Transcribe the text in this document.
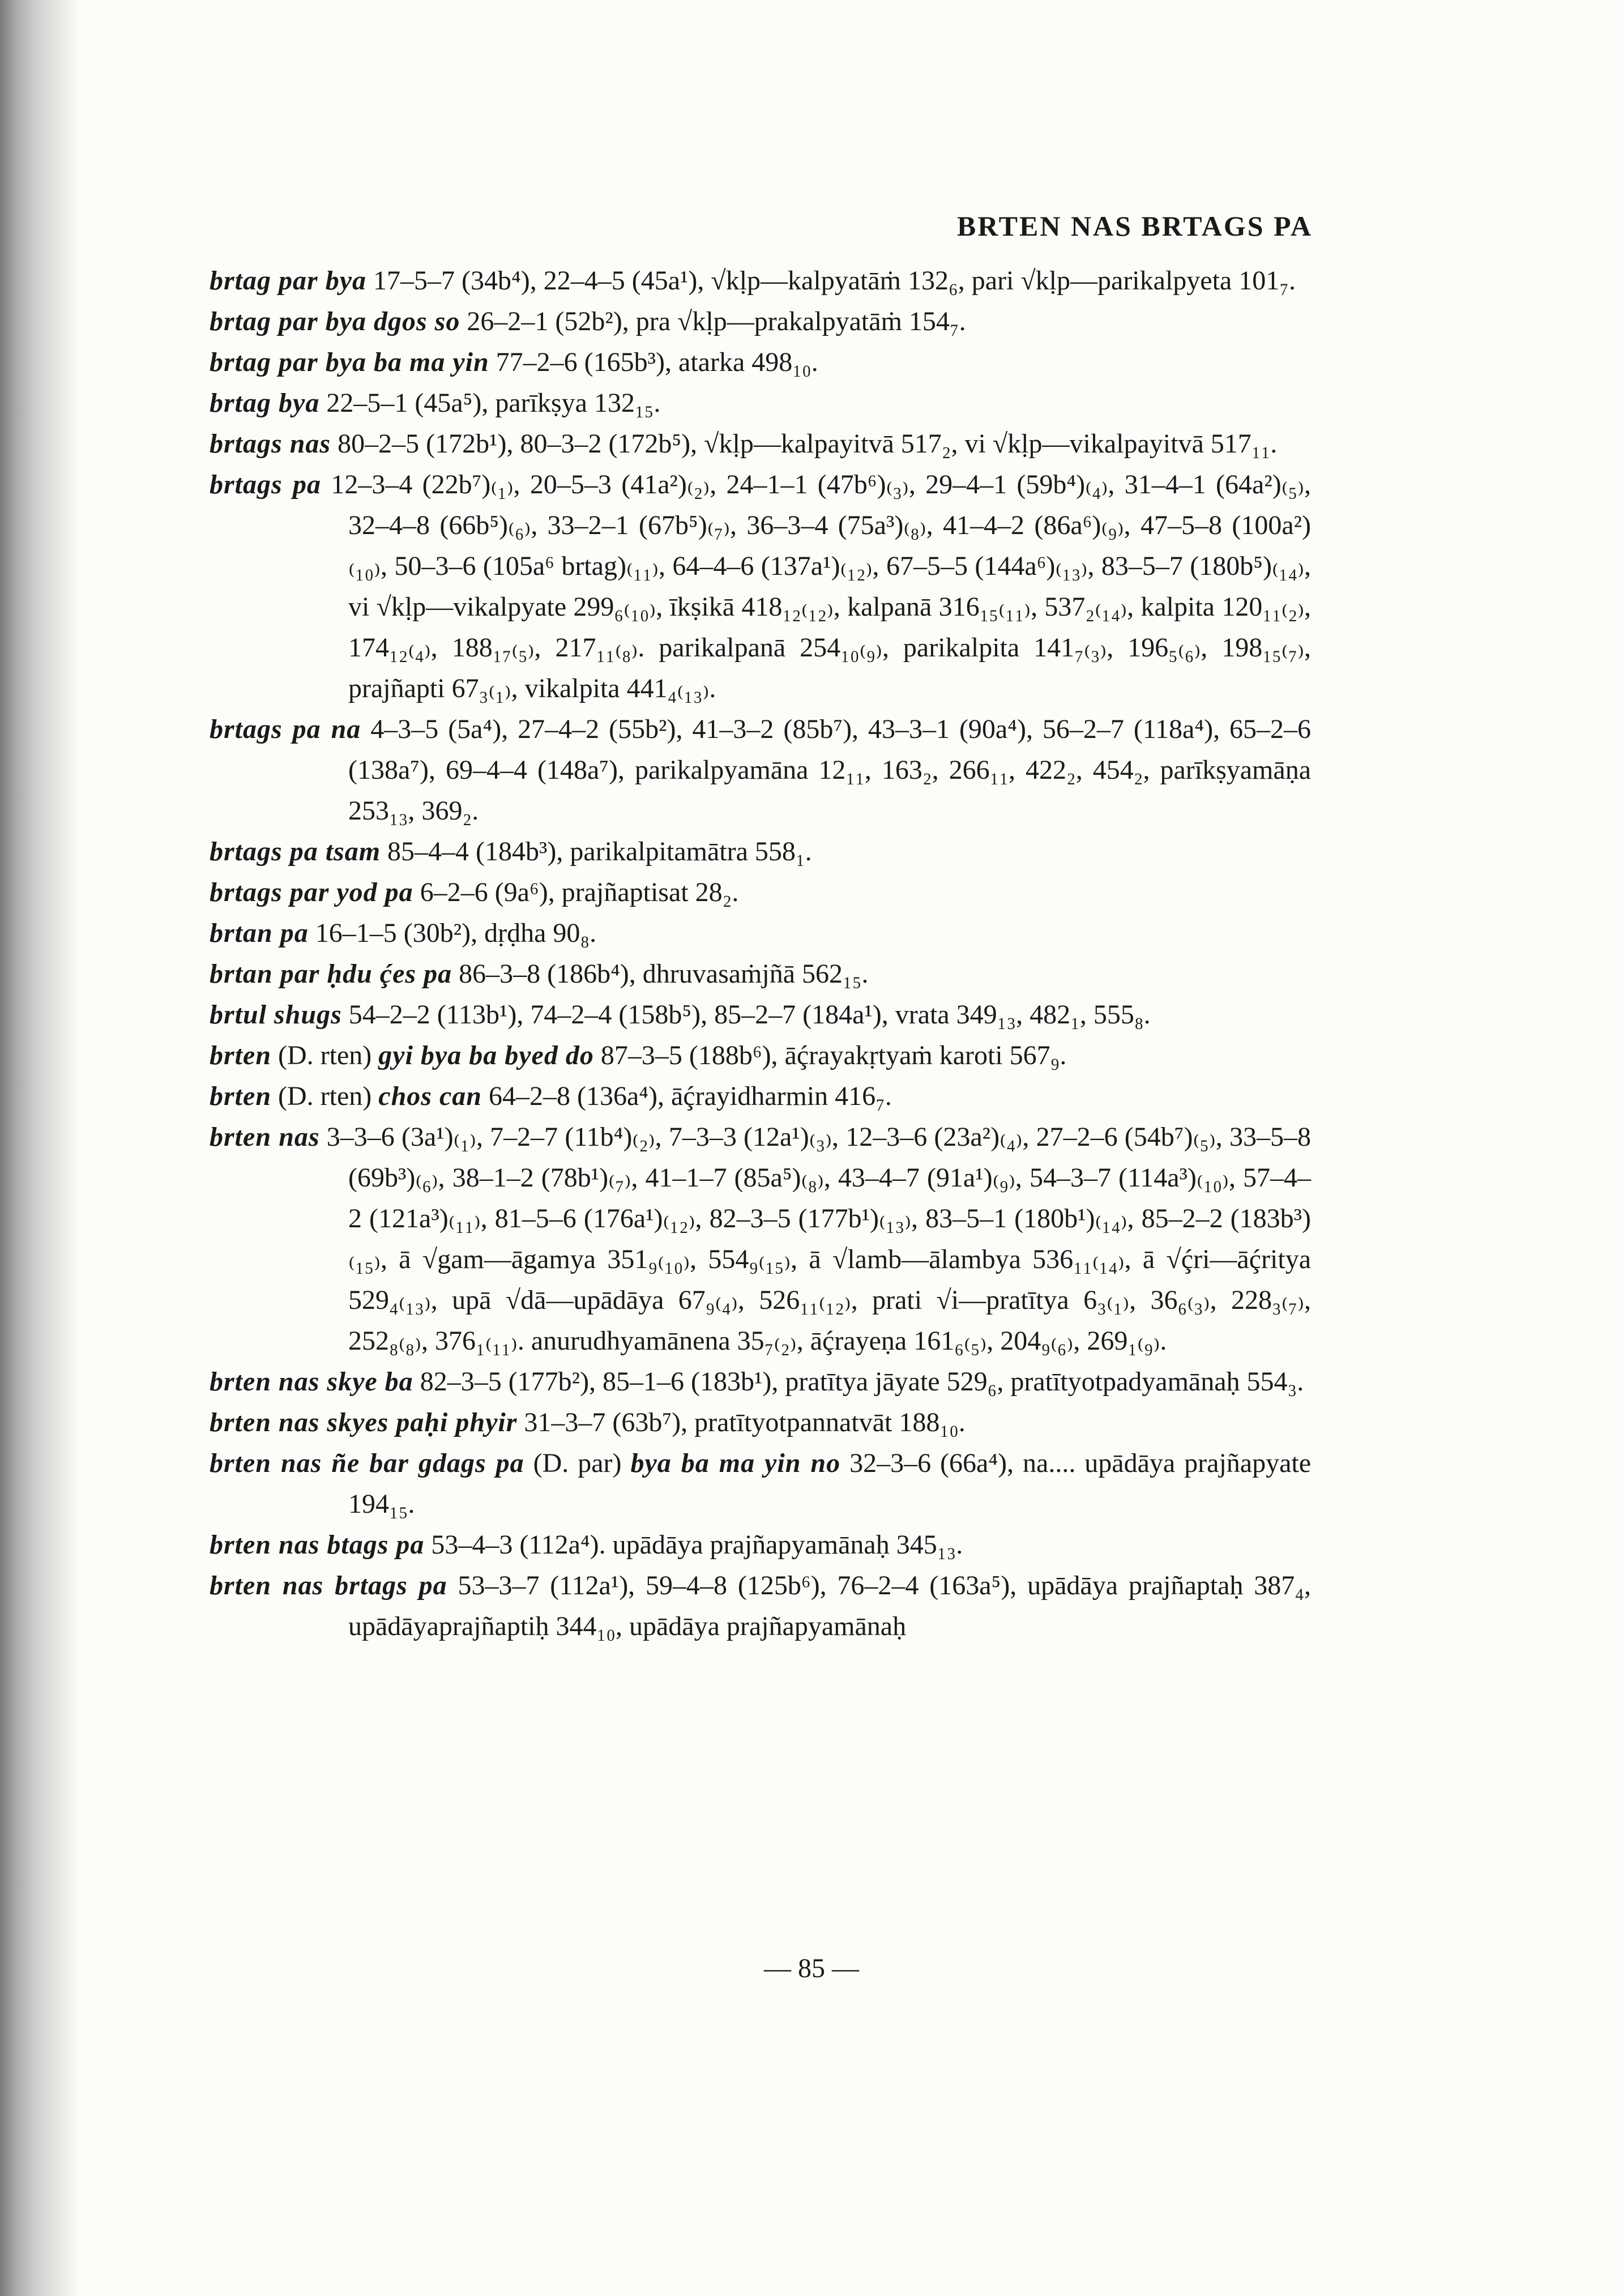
BRTEN NAS BRTAGS PA

brtag par bya 17–5–7 (34b⁴), 22–4–5 (45a¹), √kḷp—kalpyatāṁ 132₆, pari √kḷp—parikalpyeta 101₇.

brtag par bya dgos so 26–2–1 (52b²), pra √kḷp—prakalpyatāṁ 154₇.

brtag par bya ba ma yin 77–2–6 (165b³), atarka 498₁₀.

brtag bya 22–5–1 (45a⁵), parīkṣya 132₁₅.

brtags nas 80–2–5 (172b¹), 80–3–2 (172b⁵), √kḷp—kalpayitvā 517₂, vi √kḷp—vikalpayitvā 517₁₁.

brtags pa 12–3–4 (22b⁷)₍₁₎, 20–5–3 (41a²)₍₂₎, 24–1–1 (47b⁶)₍₃₎, 29–4–1 (59b⁴)₍₄₎, 31–4–1 (64a²)₍₅₎, 32–4–8 (66b⁵)₍₆₎, 33–2–1 (67b⁵)₍₇₎, 36–3–4 (75a³)₍₈₎, 41–4–2 (86a⁶)₍₉₎, 47–5–8 (100a²)₍₁₀₎, 50–3–6 (105a⁶ brtag)₍₁₁₎, 64–4–6 (137a¹)₍₁₂₎, 67–5–5 (144a⁶)₍₁₃₎, 83–5–7 (180b⁵)₍₁₄₎, vi √kḷp—vikalpyate 299₆₍₁₀₎, īkṣikā 418₁₂₍₁₂₎, kalpanā 316₁₅₍₁₁₎, 537₂₍₁₄₎, kalpita 120₁₁₍₂₎, 174₁₂₍₄₎, 188₁₇₍₅₎, 217₁₁₍₈₎. parikalpanā 254₁₀₍₉₎, parikalpita 141₇₍₃₎, 196₅₍₆₎, 198₁₅₍₇₎, prajñapti 67₃₍₁₎, vikalpita 441₄₍₁₃₎.

brtags pa na 4–3–5 (5a⁴), 27–4–2 (55b²), 41–3–2 (85b⁷), 43–3–1 (90a⁴), 56–2–7 (118a⁴), 65–2–6 (138a⁷), 69–4–4 (148a⁷), parikalpyamāna 12₁₁, 163₂, 266₁₁, 422₂, 454₂, parīkṣyamāṇa 253₁₃, 369₂.

brtags pa tsam 85–4–4 (184b³), parikalpitamātra 558₁.

brtags par yod pa 6–2–6 (9a⁶), prajñaptisat 28₂.

brtan pa 16–1–5 (30b²), dṛḍha 90₈.

brtan par ḥdu ḉes pa 86–3–8 (186b⁴), dhruvasaṁjñā 562₁₅.

brtul shugs 54–2–2 (113b¹), 74–2–4 (158b⁵), 85–2–7 (184a¹), vrata 349₁₃, 482₁, 555₈.

brten (D. rten) gyi bya ba byed do 87–3–5 (188b⁶), āḉrayakṛtyaṁ karoti 567₉.

brten (D. rten) chos can 64–2–8 (136a⁴), āḉrayidharmin 416₇.

brten nas 3–3–6 (3a¹)₍₁₎, 7–2–7 (11b⁴)₍₂₎, 7–3–3 (12a¹)₍₃₎, 12–3–6 (23a²)₍₄₎, 27–2–6 (54b⁷)₍₅₎, 33–5–8 (69b³)₍₆₎, 38–1–2 (78b¹)₍₇₎, 41–1–7 (85a⁵)₍₈₎, 43–4–7 (91a¹)₍₉₎, 54–3–7 (114a³)₍₁₀₎, 57–4–2 (121a³)₍₁₁₎, 81–5–6 (176a¹)₍₁₂₎, 82–3–5 (177b¹)₍₁₃₎, 83–5–1 (180b¹)₍₁₄₎, 85–2–2 (183b³)₍₁₅₎, ā √gam—āgamya 351₉₍₁₀₎, 554₉₍₁₅₎, ā √lamb—ālambya 536₁₁₍₁₄₎, ā √ḉri—āḉritya 529₄₍₁₃₎, upā √dā—upādāya 67₉₍₄₎, 526₁₁₍₁₂₎, prati √i—pratītya 6₃₍₁₎, 36₆₍₃₎, 228₃₍₇₎, 252₈₍₈₎, 376₁₍₁₁₎. anurudhyamānena 35₇₍₂₎, āḉrayeṇa 161₆₍₅₎, 204₉₍₆₎, 269₁₍₉₎.

brten nas skye ba 82–3–5 (177b²), 85–1–6 (183b¹), pratītya jāyate 529₆, pratītyotpadyamānaḥ 554₃.

brten nas skyes paḥi phyir 31–3–7 (63b⁷), pratītyotpannatvāt 188₁₀.

brten nas ñe bar gdags pa (D. par) bya ba ma yin no 32–3–6 (66a⁴), na.... upādāya prajñapyate 194₁₅.

brten nas btags pa 53–4–3 (112a⁴). upādāya prajñapyamānaḥ 345₁₃.

brten nas brtags pa 53–3–7 (112a¹), 59–4–8 (125b⁶), 76–2–4 (163a⁵), upādāya prajñaptaḥ 387₄, upādāyaprajñaptiḥ 344₁₀, upādāya prajñapyamānaḥ

— 85 —
